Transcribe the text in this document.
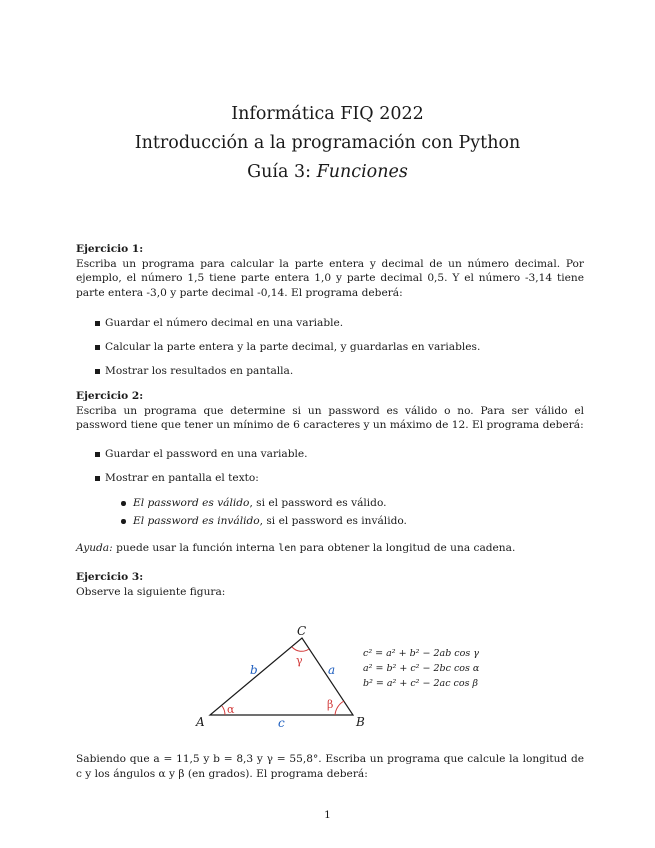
Informática FIQ 2022
Introducción a la programación con Python
Guía 3: Funciones
Ejercicio 1:
Escriba un programa para calcular la parte entera y decimal de un número decimal. Por ejemplo, el número 1,5 tiene parte entera 1,0 y parte decimal 0,5. Y el número -3,14 tiene parte entera -3,0 y parte decimal -0,14. El programa deberá:
Guardar el número decimal en una variable.
Calcular la parte entera y la parte decimal, y guardarlas en variables.
Mostrar los resultados en pantalla.
Ejercicio 2:
Escriba un programa que determine si un password es válido o no. Para ser válido el password tiene que tener un mínimo de 6 caracteres y un máximo de 12. El programa deberá:
Guardar el password en una variable.
Mostrar en pantalla el texto:
El password es válido, si el password es válido.
El password es inválido, si el password es inválido.
Ayuda: puede usar la función interna len para obtener la longitud de una cadena.
Ejercicio 3:
Observe la siguiente figura:
A	B
C
a
b
c
α	β
γ
c² = a² + b² − 2ab cos γ
a² = b² + c² − 2bc cos α
b² = a² + c² − 2ac cos β
Sabiendo que a = 11,5 y b = 8,3 y γ = 55,8°. Escriba un programa que calcule la longitud de c y los ángulos α y β (en grados). El programa deberá:
1
